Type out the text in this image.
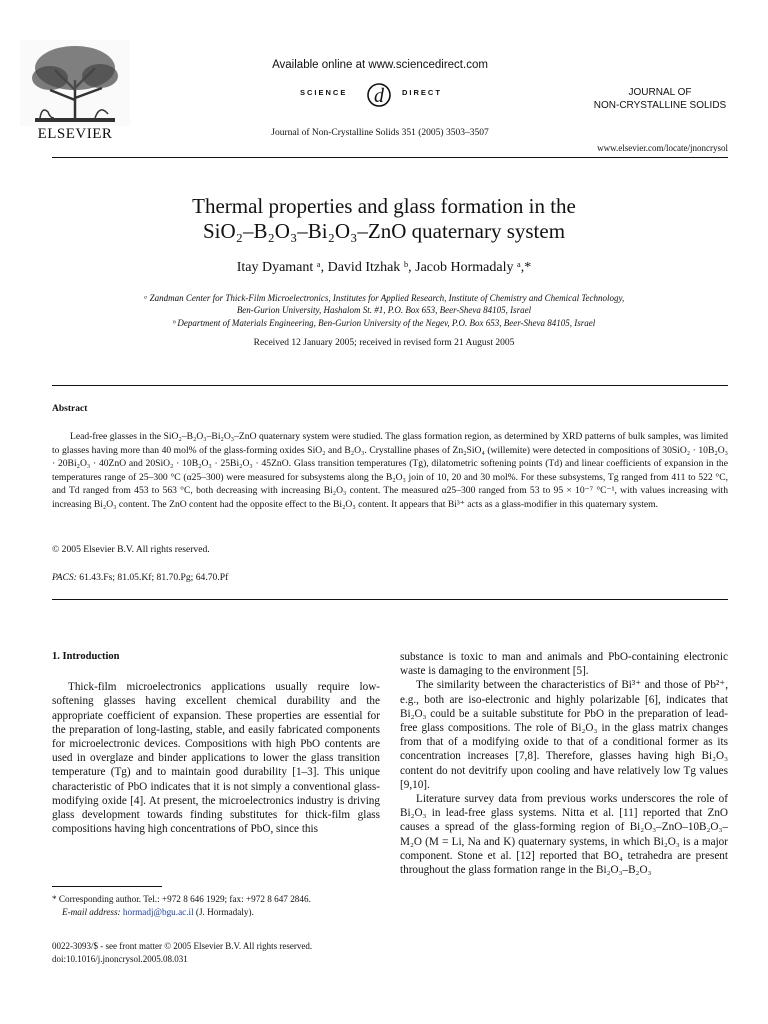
ELSEVIER
Available online at www.sciencedirect.com
SCIENCE d DIRECT
Journal of Non-Crystalline Solids 351 (2005) 3503–3507
JOURNAL OF
NON-CRYSTALLINE SOLIDS
www.elsevier.com/locate/jnoncrysol
Thermal properties and glass formation in the
SiO₂–B₂O₃–Bi₂O₃–ZnO quaternary system
Itay Dyamant ᵃ, David Itzhak ᵇ, Jacob Hormadaly ᵃ,*
ᵃ Zandman Center for Thick-Film Microelectronics, Institutes for Applied Research, Institute of Chemistry and Chemical Technology,
Ben-Gurion University, Hashalom St. #1, P.O. Box 653, Beer-Sheva 84105, Israel
ᵇ Department of Materials Engineering, Ben-Gurion University of the Negev, P.O. Box 653, Beer-Sheva 84105, Israel
Received 12 January 2005; received in revised form 21 August 2005
Abstract

Lead-free glasses in the SiO₂–B₂O₃–Bi₂O₃–ZnO quaternary system were studied. The glass formation region, as determined by XRD patterns of bulk samples, was limited to glasses having more than 40 mol% of the glass-forming oxides SiO₂ and B₂O₃. Crystalline phases of Zn₂SiO₄ (willemite) were detected in compositions of 30SiO₂ · 10B₂O₃ · 20Bi₂O₃ · 40ZnO and 20SiO₂ · 10B₂O₃ · 25Bi₂O₃ · 45ZnO. Glass transition temperatures (Tg), dilatometric softening points (Td) and linear coefficients of expansion in the temperatures range of 25–300 °C (α25–300) were measured for subsystems along the B₂O₃ join of 10, 20 and 30 mol%. For these subsystems, Tg ranged from 411 to 522 °C, and Td ranged from 453 to 563 °C, both decreasing with increasing Bi₂O₃ content. The measured α25–300 ranged from 53 to 95 × 10⁻⁷ °C⁻¹, with values increasing with increasing Bi₂O₃ content. The ZnO content had the opposite effect to the Bi₂O₃ content. It appears that Bi³⁺ acts as a glass-modifier in this quaternary system.

© 2005 Elsevier B.V. All rights reserved.
PACS: 61.43.Fs; 81.05.Kf; 81.70.Pg; 64.70.Pf
1. Introduction

Thick-film microelectronics applications usually require low-softening glasses having excellent chemical durability and the appropriate coefficient of expansion. These properties are essential for the preparation of long-lasting, stable, and easily fabricated components for microelectronic devices. Compositions with high PbO contents are used in overglaze and binder applications to lower the glass transition temperature (Tg) and to maintain good durability [1–3]. This unique characteristic of PbO indicates that it is not simply a conventional glass-modifying oxide [4]. At present, the microelectronics industry is driving glass development towards finding substitutes for thick-film glass compositions having high concentrations of PbO, since this

substance is toxic to man and animals and PbO-containing electronic waste is damaging to the environment [5].

The similarity between the characteristics of Bi³⁺ and those of Pb²⁺, e.g., both are iso-electronic and highly polarizable [6], indicates that Bi₂O₃ could be a suitable substitute for PbO in the preparation of lead-free glass compositions. The role of Bi₂O₃ in the glass matrix changes from that of a modifying oxide to that of a conditional former as its concentration increases [7,8]. Therefore, glasses having high Bi₂O₃ content do not devitrify upon cooling and have relatively low Tg values [9,10].

Literature survey data from previous works underscores the role of Bi₂O₃ in lead-free glass systems. Nitta et al. [11] reported that ZnO causes a spread of the glass-forming region of Bi₂O₃–ZnO–10B₂O₃–M₂O (M = Li, Na and K) quaternary systems, in which Bi₂O₃ is a major component. Stone et al. [12] reported that BO₄ tetrahedra are present throughout the glass formation range in the Bi₂O₃–B₂O₃

* Corresponding author. Tel.: +972 8 646 1929; fax: +972 8 647 2846.
E-mail address: hormadj@bgu.ac.il (J. Hormadaly).
0022-3093/$ - see front matter © 2005 Elsevier B.V. All rights reserved.
doi:10.1016/j.jnoncrysol.2005.08.031
